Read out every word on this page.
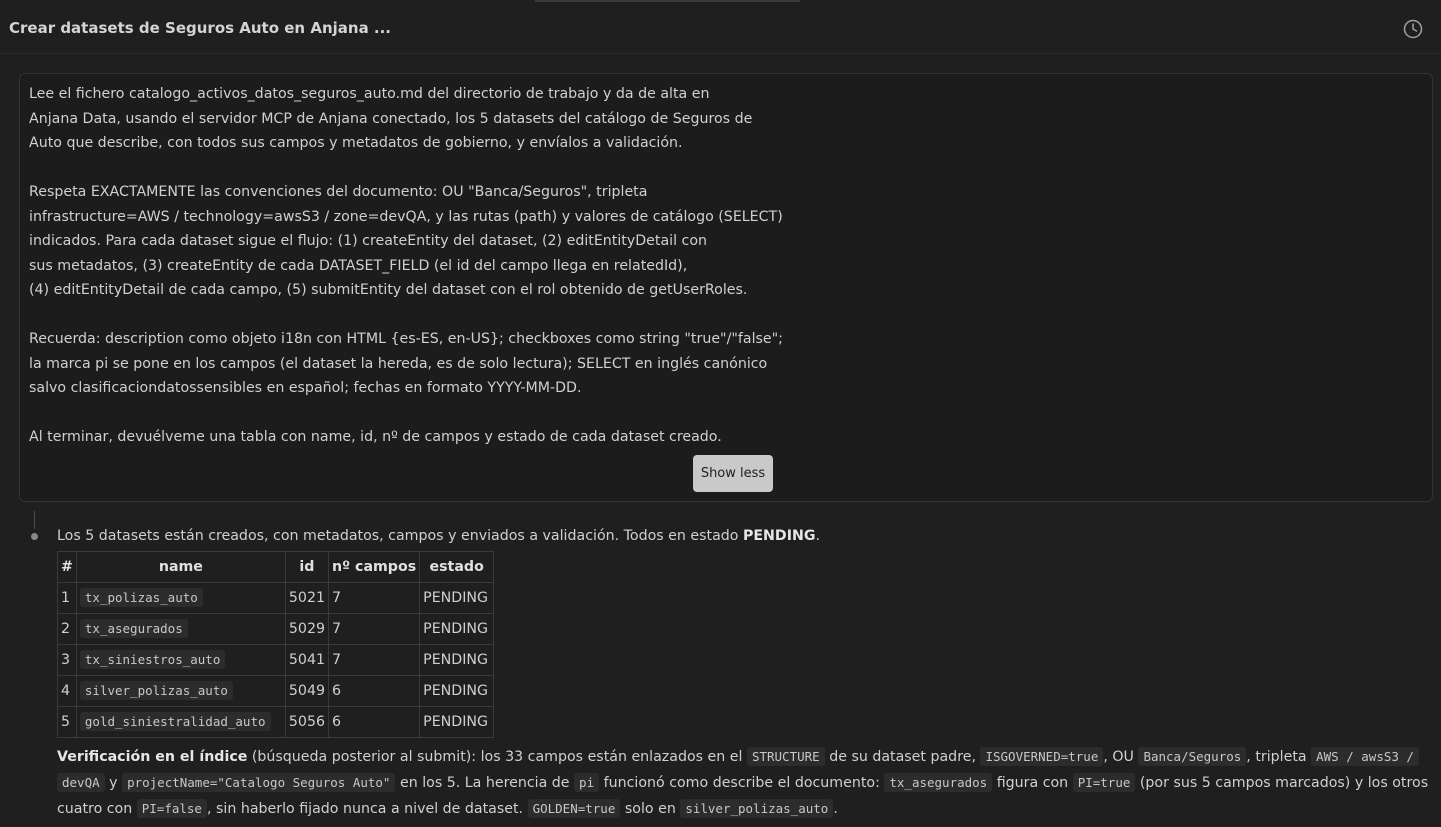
Crear datasets de Seguros Auto en Anjana ...

Lee el fichero catalogo_activos_datos_seguros_auto.md del directorio de trabajo y da de alta en

Anjana Data, usando el servidor MCP de Anjana conectado, los 5 datasets del catálogo de Seguros de

Auto que describe, con todos sus campos y metadatos de gobierno, y envíalos a validación.

Respeta EXACTAMENTE las convenciones del documento: OU "Banca/Seguros", tripleta

infrastructure=AWS / technology=awsS3 / zone=devQA, y las rutas (path) y valores de catálogo (SELECT)

indicados. Para cada dataset sigue el flujo: (1) createEntity del dataset, (2) editEntityDetail con

sus metadatos, (3) createEntity de cada DATASET_FIELD (el id del campo llega en relatedId),

(4) editEntityDetail de cada campo, (5) submitEntity del dataset con el rol obtenido de getUserRoles.

Recuerda: description como objeto i18n con HTML {es-ES, en-US}; checkboxes como string "true"/"false";

la marca pi se pone en los campos (el dataset la hereda, es de solo lectura); SELECT en inglés canónico

salvo clasificaciondatossensibles en español; fechas en formato YYYY-MM-DD.

Al terminar, devuélveme una tabla con name, id, nº de campos y estado de cada dataset creado.

Show less
Los 5 datasets están creados, con metadatos, campos y enviados a validación. Todos en estado PENDING.
#	name	id	nº campos	estado
1	tx_polizas_auto	5021	7	PENDING
2	tx_asegurados	5029	7	PENDING
3	tx_siniestros_auto	5041	7	PENDING
4	silver_polizas_auto	5049	6	PENDING
5	gold_siniestralidad_auto	5056	6	PENDING
Verificación en el índice (búsqueda posterior al submit): los 33 campos están enlazados en el STRUCTURE de su dataset padre, ISGOVERNED=true , OU Banca/Seguros , tripleta AWS / awsS3 /
devQA y projectName="Catalogo Seguros Auto" en los 5. La herencia de pi funcionó como describe el documento: tx_asegurados figura con PI=true (por sus 5 campos marcados) y los otros cuatro con PI=false , sin haberlo fijado nunca a nivel de dataset. GOLDEN=true solo en silver_polizas_auto .
